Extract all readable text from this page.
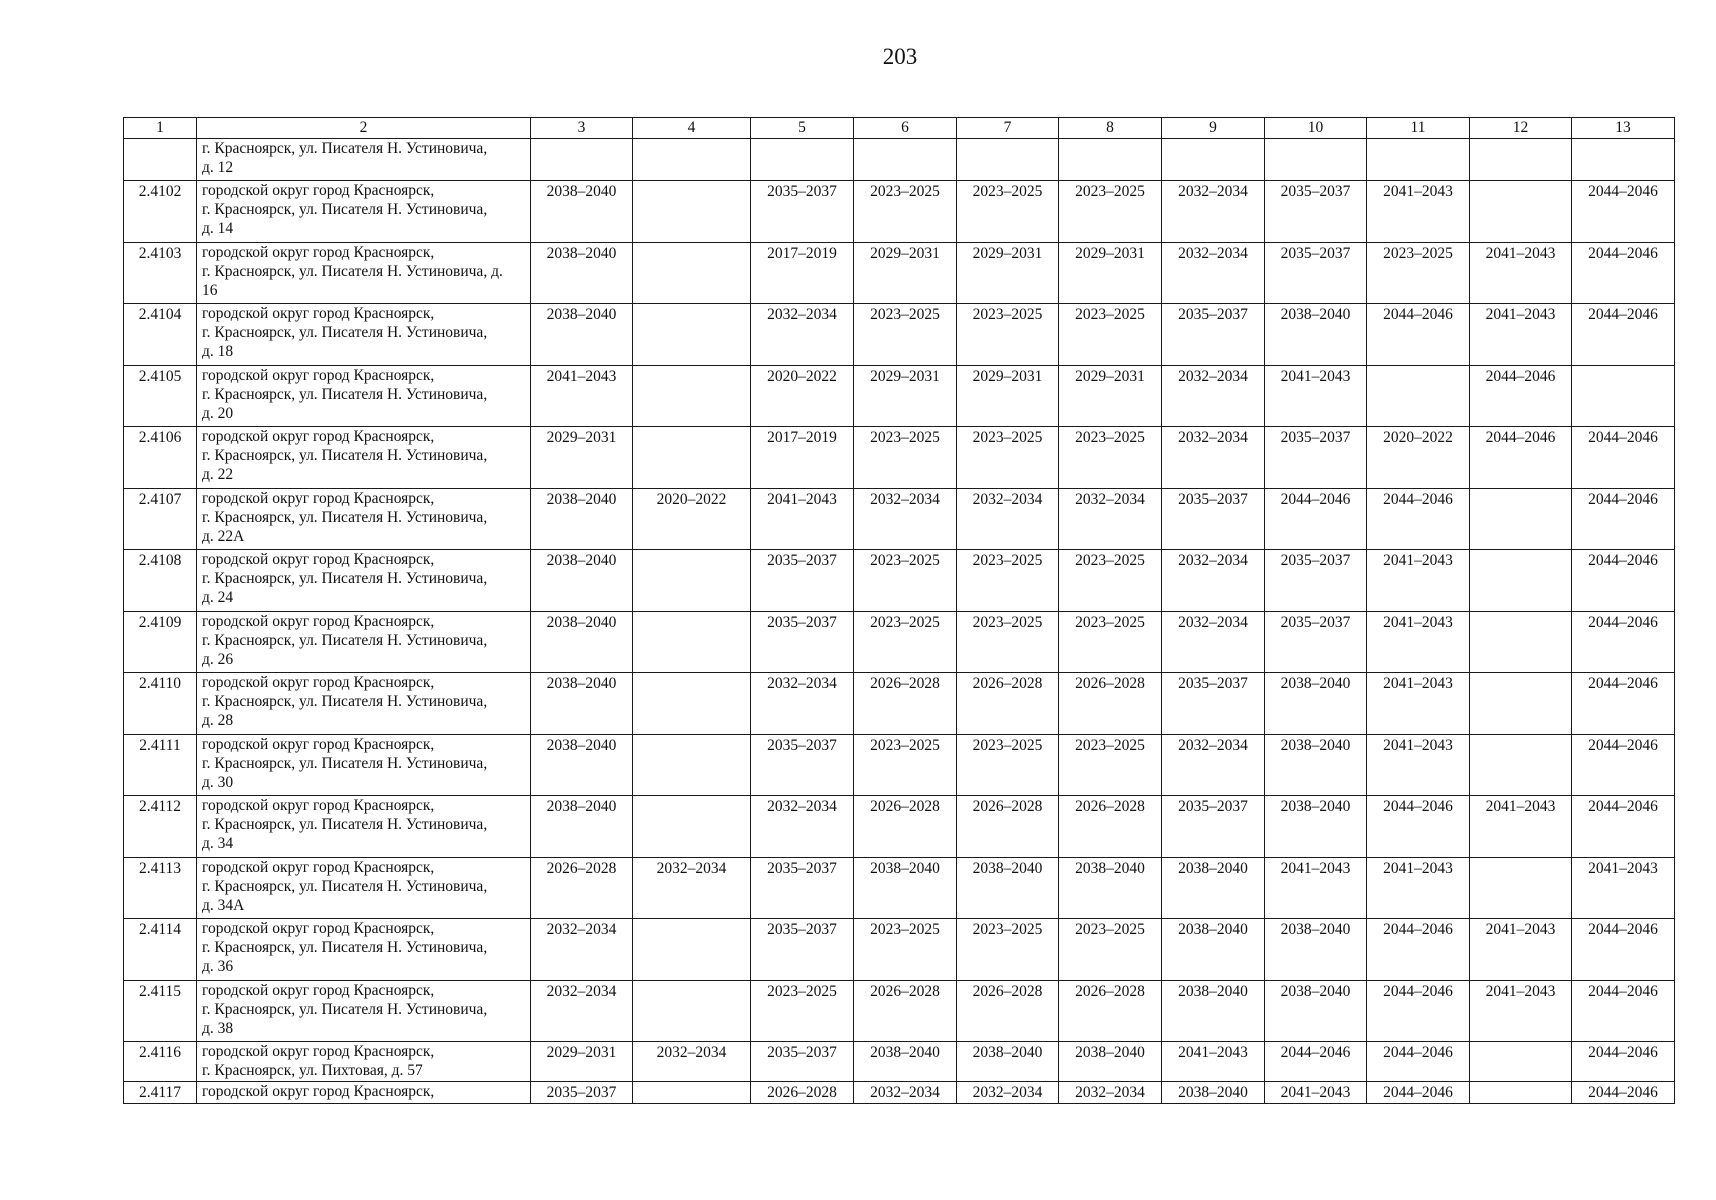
203
1	2	3	4	5	6	7	8	9	10	11	12	13

	г. Красноярск, ул. Писателя Н. Устиновича,
д. 12											

2.4102	городской округ город Красноярск,
г. Красноярск, ул. Писателя Н. Устиновича,
д. 14	2038–2040		2035–2037	2023–2025	2023–2025	2023–2025	2032–2034	2035–2037	2041–2043		2044–2046
2.4103	городской округ город Красноярск,
г. Красноярск, ул. Писателя Н. Устиновича, д.
16	2038–2040		2017–2019	2029–2031	2029–2031	2029–2031	2032–2034	2035–2037	2023–2025	2041–2043	2044–2046
2.4104	городской округ город Красноярск,
г. Красноярск, ул. Писателя Н. Устиновича,
д. 18	2038–2040		2032–2034	2023–2025	2023–2025	2023–2025	2035–2037	2038–2040	2044–2046	2041–2043	2044–2046
2.4105	городской округ город Красноярск,
г. Красноярск, ул. Писателя Н. Устиновича,
д. 20	2041–2043		2020–2022	2029–2031	2029–2031	2029–2031	2032–2034	2041–2043		2044–2046	
2.4106	городской округ город Красноярск,
г. Красноярск, ул. Писателя Н. Устиновича,
д. 22	2029–2031		2017–2019	2023–2025	2023–2025	2023–2025	2032–2034	2035–2037	2020–2022	2044–2046	2044–2046
2.4107	городской округ город Красноярск,
г. Красноярск, ул. Писателя Н. Устиновича,
д. 22А	2038–2040	2020–2022	2041–2043	2032–2034	2032–2034	2032–2034	2035–2037	2044–2046	2044–2046		2044–2046
2.4108	городской округ город Красноярск,
г. Красноярск, ул. Писателя Н. Устиновича,
д. 24	2038–2040		2035–2037	2023–2025	2023–2025	2023–2025	2032–2034	2035–2037	2041–2043		2044–2046
2.4109	городской округ город Красноярск,
г. Красноярск, ул. Писателя Н. Устиновича,
д. 26	2038–2040		2035–2037	2023–2025	2023–2025	2023–2025	2032–2034	2035–2037	2041–2043		2044–2046
2.4110	городской округ город Красноярск,
г. Красноярск, ул. Писателя Н. Устиновича,
д. 28	2038–2040		2032–2034	2026–2028	2026–2028	2026–2028	2035–2037	2038–2040	2041–2043		2044–2046
2.4111	городской округ город Красноярск,
г. Красноярск, ул. Писателя Н. Устиновича,
д. 30	2038–2040		2035–2037	2023–2025	2023–2025	2023–2025	2032–2034	2038–2040	2041–2043		2044–2046
2.4112	городской округ город Красноярск,
г. Красноярск, ул. Писателя Н. Устиновича,
д. 34	2038–2040		2032–2034	2026–2028	2026–2028	2026–2028	2035–2037	2038–2040	2044–2046	2041–2043	2044–2046
2.4113	городской округ город Красноярск,
г. Красноярск, ул. Писателя Н. Устиновича,
д. 34А	2026–2028	2032–2034	2035–2037	2038–2040	2038–2040	2038–2040	2038–2040	2041–2043	2041–2043		2041–2043
2.4114	городской округ город Красноярск,
г. Красноярск, ул. Писателя Н. Устиновича,
д. 36	2032–2034		2035–2037	2023–2025	2023–2025	2023–2025	2038–2040	2038–2040	2044–2046	2041–2043	2044–2046
2.4115	городской округ город Красноярск,
г. Красноярск, ул. Писателя Н. Устиновича,
д. 38	2032–2034		2023–2025	2026–2028	2026–2028	2026–2028	2038–2040	2038–2040	2044–2046	2041–2043	2044–2046
2.4116	городской округ город Красноярск,
г. Красноярск, ул. Пихтовая, д. 57	2029–2031	2032–2034	2035–2037	2038–2040	2038–2040	2038–2040	2041–2043	2044–2046	2044–2046		2044–2046
2.4117	городской округ город Красноярск,	2035–2037		2026–2028	2032–2034	2032–2034	2032–2034	2038–2040	2041–2043	2044–2046		2044–2046
